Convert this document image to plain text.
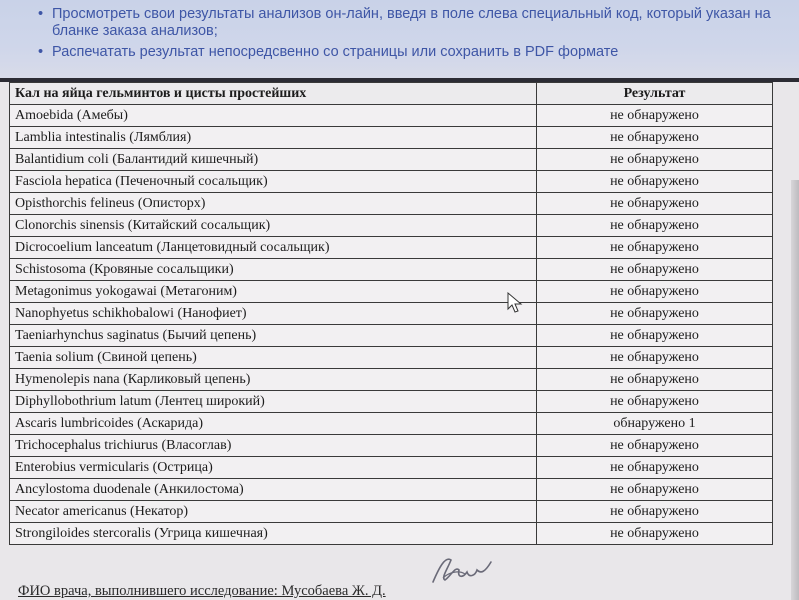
• Просмотреть свои результаты анализов он-лайн, введя в поле слева специальный код, который указан на бланке заказа анализов;
• Распечатать результат непосредсвенно со страницы или сохранить в PDF формате
Кал на яйца гельминтов и цисты простейших	Результат
Amoebida (Амебы)	не обнаружено
Lamblia intestinalis (Лямблия)	не обнаружено
Balantidium coli (Балантидий кишечный)	не обнаружено
Fasciola hepatica (Печеночный сосальщик)	не обнаружено
Opisthorchis felineus (Описторх)	не обнаружено
Clonorchis sinensis (Китайский сосальщик)	не обнаружено
Dicrocoelium lanceatum (Ланцетовидный сосальщик)	не обнаружено
Schistosoma (Кровяные сосальщики)	не обнаружено
Metagonimus yokogawai (Метагоним)	не обнаружено
Nanophyetus schikhobalowi (Нанофиет)	не обнаружено
Taeniarhynchus saginatus (Бычий цепень)	не обнаружено
Taenia solium (Свиной цепень)	не обнаружено
Hymenolepis nana (Карликовый цепень)	не обнаружено
Diphyllobothrium latum (Лентец широкий)	не обнаружено
Ascaris lumbricoides (Аскарида)	обнаружено 1
Trichocephalus trichiurus (Власоглав)	не обнаружено
Enterobius vermicularis (Острица)	не обнаружено
Ancylostoma duodenale (Анкилостома)	не обнаружено
Necator americanus (Некатор)	не обнаружено
Strongiloides stercoralis (Угрица кишечная)	не обнаружено
ФИО врача, выполнившего исследование: Мусобаева Ж. Д.
